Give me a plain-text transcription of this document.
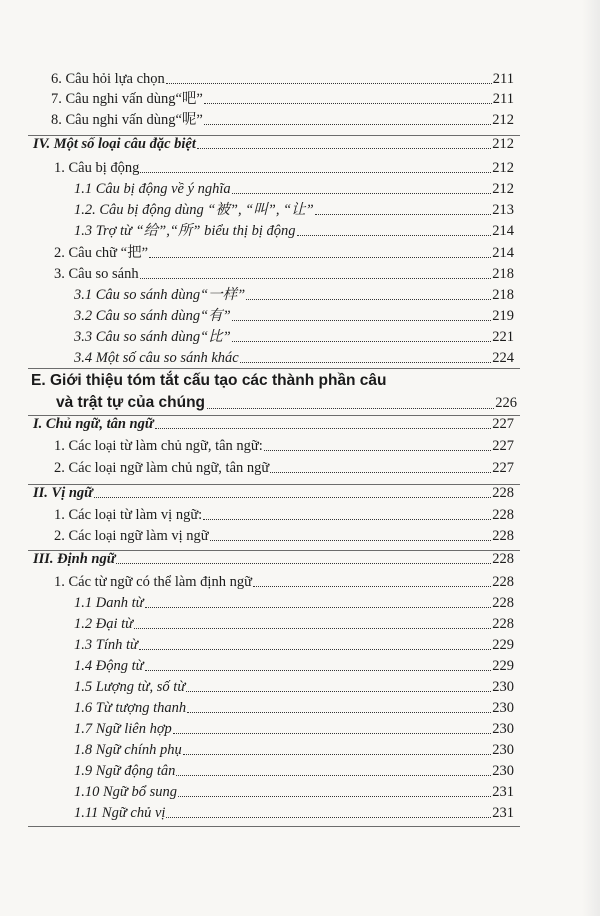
6. Câu hỏi lựa chọn	211
7. Câu nghi vấn dùng“吧”	211
8. Câu nghi vấn dùng“呢”	212
IV. Một số loại câu đặc biệt	212
1. Câu bị động	212
1.1 Câu bị động về ý nghĩa	212
1.2. Câu bị động dùng “被”, “叫”, “让”	213
1.3 Trợ từ “给”,“所” biểu thị bị động	214
2. Câu chữ “把”	214
3. Câu so sánh	218
3.1 Câu so sánh dùng“一样”	218
3.2 Câu so sánh dùng“有”	219
3.3 Câu so sánh dùng“比”	221
3.4 Một số câu so sánh khác	224
E. Giới thiệu tóm tắt cấu tạo các thành phần câu
và trật tự của chúng	226
I. Chủ ngữ, tân ngữ	227
1. Các loại từ làm chủ ngữ, tân ngữ:	227
2. Các loại ngữ làm chủ ngữ, tân ngữ	227
II. Vị ngữ	228
1. Các loại từ làm vị ngữ:	228
2. Các loại ngữ làm vị ngữ	228
III. Định ngữ	228
1. Các từ ngữ có thể làm định ngữ	228
1.1 Danh từ	228
1.2 Đại từ	228
1.3 Tính từ	229
1.4 Động từ	229
1.5 Lượng từ, số từ	230
1.6 Từ tượng thanh	230
1.7 Ngữ liên hợp	230
1.8 Ngữ chính phụ	230
1.9 Ngữ động tân	230
1.10 Ngữ bổ sung	231
1.11 Ngữ chủ vị	231
